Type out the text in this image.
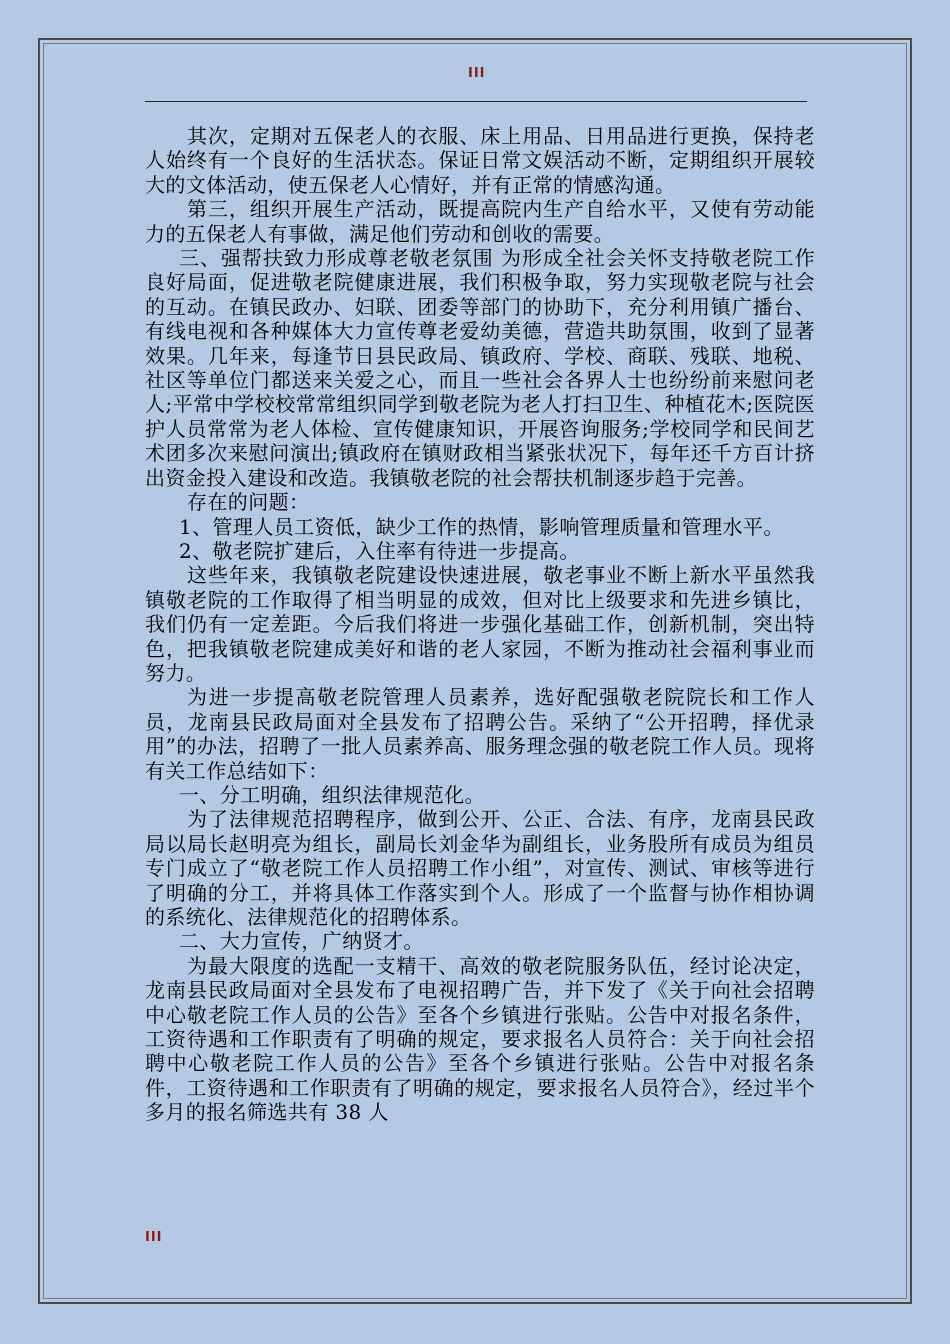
III

其次，定期对五保老人的衣服、床上用品、日用品进行更换，保持老人始终有一个良好的生活状态。保证日常文娱活动不断，定期组织开展较大的文体活动，使五保老人心情好，并有正常的情感沟通。

第三，组织开展生产活动，既提高院内生产自给水平，又使有劳动能力的五保老人有事做，满足他们劳动和创收的需要。

三、强帮扶致力形成尊老敬老氛围 为形成全社会关怀支持敬老院工作良好局面，促进敬老院健康进展，我们积极争取，努力实现敬老院与社会的互动。在镇民政办、妇联、团委等部门的协助下，充分利用镇广播台、有线电视和各种媒体大力宣传尊老爱幼美德，营造共助氛围，收到了显著效果。几年来，每逢节日县民政局、镇政府、学校、商联、残联、地税、社区等单位门都送来关爱之心，而且一些社会各界人士也纷纷前来慰问老人;平常中学校校常常组织同学到敬老院为老人打扫卫生、种植花木;医院医护人员常常为老人体检、宣传健康知识，开展咨询服务;学校同学和民间艺术团多次来慰问演出;镇政府在镇财政相当紧张状况下，每年还千方百计挤出资金投入建设和改造。我镇敬老院的社会帮扶机制逐步趋于完善。

存在的问题：

1、管理人员工资低，缺少工作的热情，影响管理质量和管理水平。

2、敬老院扩建后，入住率有待进一步提高。

这些年来，我镇敬老院建设快速进展，敬老事业不断上新水平虽然我镇敬老院的工作取得了相当明显的成效，但对比上级要求和先进乡镇比，我们仍有一定差距。今后我们将进一步强化基础工作，创新机制，突出特色，把我镇敬老院建成美好和谐的老人家园，不断为推动社会福利事业而努力。

为进一步提高敬老院管理人员素养，选好配强敬老院院长和工作人员，龙南县民政局面对全县发布了招聘公告。采纳了“公开招聘，择优录用”的办法，招聘了一批人员素养高、服务理念强的敬老院工作人员。现将有关工作总结如下：

一、分工明确，组织法律规范化。

为了法律规范招聘程序，做到公开、公正、合法、有序，龙南县民政局以局长赵明亮为组长，副局长刘金华为副组长，业务股所有成员为组员专门成立了“敬老院工作人员招聘工作小组”，对宣传、测试、审核等进行了明确的分工，并将具体工作落实到个人。形成了一个监督与协作相协调的系统化、法律规范化的招聘体系。

二、大力宣传，广纳贤才。

为最大限度的选配一支精干、高效的敬老院服务队伍，经讨论决定，龙南县民政局面对全县发布了电视招聘广告，并下发了《关于向社会招聘中心敬老院工作人员的公告》至各个乡镇进行张贴。公告中对报名条件，工资待遇和工作职责有了明确的规定，要求报名人员符合：关于向社会招聘中心敬老院工作人员的公告》至各个乡镇进行张贴。公告中对报名条件，工资待遇和工作职责有了明确的规定，要求报名人员符合》，经过半个多月的报名筛选共有 38 人

III
